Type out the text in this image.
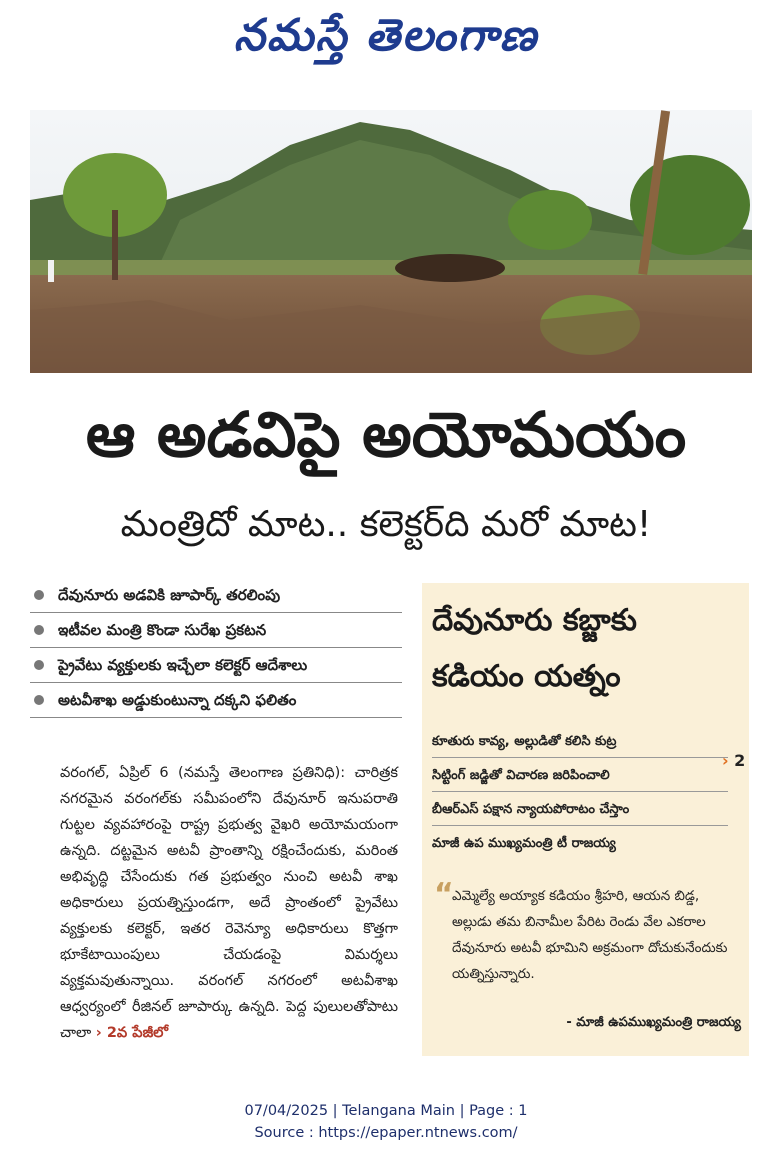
నమస్తే తెలంగాణ
ఆ అడవిపై అయోమయం
మంత్రిదో మాట.. కలెక్టర్‌ది మరో మాట!
దేవునూరు అడవికి జూపార్క్‌ తరలింపు
ఇటీవల మంత్రి కొండా సురేఖ ప్రకటన
ప్రైవేటు వ్యక్తులకు ఇచ్చేలా కలెక్టర్‌ ఆదేశాలు
అటవీశాఖ అడ్డుకుంటున్నా దక్కని ఫలితం

వరంగల్‌, ఏప్రిల్‌ 6 (నమస్తే తెలంగాణ ప్రతినిధి): చారిత్రక నగరమైన వరంగల్‌కు సమీపంలోని దేవునూర్‌ ఇనుపరాతి గుట్టల వ్యవహారంపై రాష్ట్ర ప్రభుత్వ వైఖరి అయోమయంగా ఉన్నది. దట్టమైన అటవీ ప్రాంతాన్ని రక్షించేందుకు, మరింత అభివృద్ధి చేసేందుకు గత ప్రభుత్వం నుంచి అటవీ శాఖ అధికారులు ప్రయత్నిస్తుండగా, అదే ప్రాంతంలో ప్రైవేటు వ్యక్తులకు కలెక్టర్‌, ఇతర రెవెన్యూ అధికారులు కొత్తగా భూకేటాయింపులు చేయడంపై విమర్శలు వ్యక్తమవుతున్నాయి. వరంగల్‌ నగరంలో అటవీశాఖ ఆధ్వర్యంలో రీజినల్‌ జూపార్కు ఉన్నది. పెద్ద పులులతోపాటు చాలా › 2వ పేజీలో

దేవునూరు కబ్జాకు
కడియం యత్నం
కూతురు కావ్య, అల్లుడితో కలిసి కుట్ర
సిట్టింగ్‌ జడ్జితో విచారణ జరిపించాలి
బీఆర్‌ఎస్‌ పక్షాన న్యాయపోరాటం చేస్తాం
మాజీ ఉప ముఖ్యమంత్రి టీ రాజయ్య
› 2
“
ఎమ్మెల్యే అయ్యాక కడియం శ్రీహరి, ఆయన బిడ్డ, అల్లుడు తమ బినామీల పేరిట రెండు వేల ఎకరాల దేవునూరు అటవీ భూమిని అక్రమంగా దోచుకునేందుకు యత్నిస్తున్నారు.
- మాజీ ఉపముఖ్యమంత్రి రాజయ్య
07/04/2025 | Telangana Main | Page : 1
Source : https://epaper.ntnews.com/
